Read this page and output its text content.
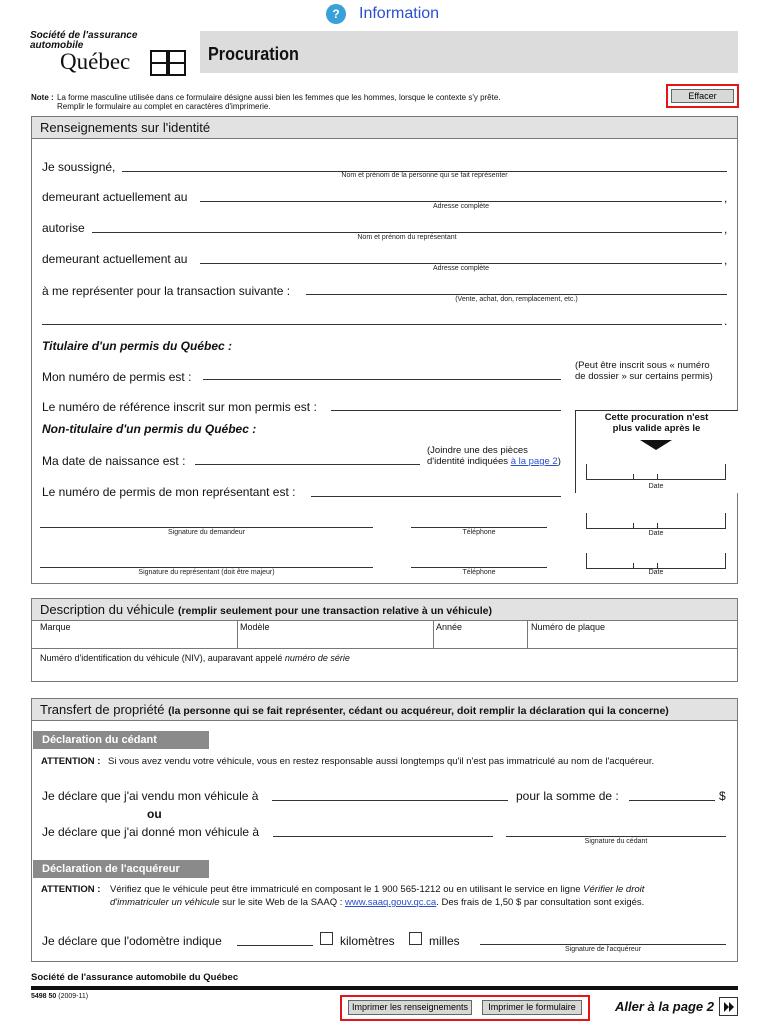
?	Information
Société de l'assurance
automobile
Québec	Procuration
Note : La forme masculine utilisée dans ce formulaire désigne aussi bien les femmes que les hommes, lorsque le contexte s'y prête.
Remplir le formulaire au complet en caractères d'imprimerie.
Effacer
Renseignements sur l'identité
Je soussigné,
Nom et prénom de la personne qui se fait représenter
demeurant actuellement au	,
Adresse complète
autorise	,
Nom et prénom du représentant
demeurant actuellement au	,
Adresse complète
à me représenter pour la transaction suivante :
(Vente, achat, don, remplacement, etc.)
.
Titulaire d'un permis du Québec :
Mon numéro de permis est :
(Peut être inscrit sous « numéro
de dossier » sur certains permis)
Le numéro de référence inscrit sur mon permis est :
Non-titulaire d'un permis du Québec :
Ma date de naissance est :
(Joindre une des pièces
d'identité indiquées à la page 2)
Le numéro de permis de mon représentant est :
Cette procuration n'est
plus valide après le
Date
Signature du demandeur	Téléphone	Date
Signature du représentant (doit être majeur)	Téléphone	Date
Description du véhicule (remplir seulement pour une transaction relative à un véhicule)
Marque	Modèle	Année	Numéro de plaque
Numéro d'identification du véhicule (NIV), auparavant appelé numéro de série
Transfert de propriété (la personne qui se fait représenter, cédant ou acquéreur, doit remplir la déclaration qui la concerne)
Déclaration du cédant
ATTENTION : Si vous avez vendu votre véhicule, vous en restez responsable aussi longtemps qu'il n'est pas immatriculé au nom de l'acquéreur.
Je déclare que j'ai vendu mon véhicule à	pour la somme de :	$
ou
Je déclare que j'ai donné mon véhicule à
Signature du cédant
Déclaration de l'acquéreur
ATTENTION : Vérifiez que le véhicule peut être immatriculé en composant le 1 900 565-1212 ou en utilisant le service en ligne Vérifier le droit
d'immatriculer un véhicule sur le site Web de la SAAQ : www.saaq.gouv.qc.ca. Des frais de 1,50 $ par consultation sont exigés.
Je déclare que l'odomètre indique	kilomètres	milles
Signature de l'acquéreur
Société de l'assurance automobile du Québec
5498 50 (2009-11)
Imprimer les renseignements	Imprimer le formulaire	Aller à la page 2
